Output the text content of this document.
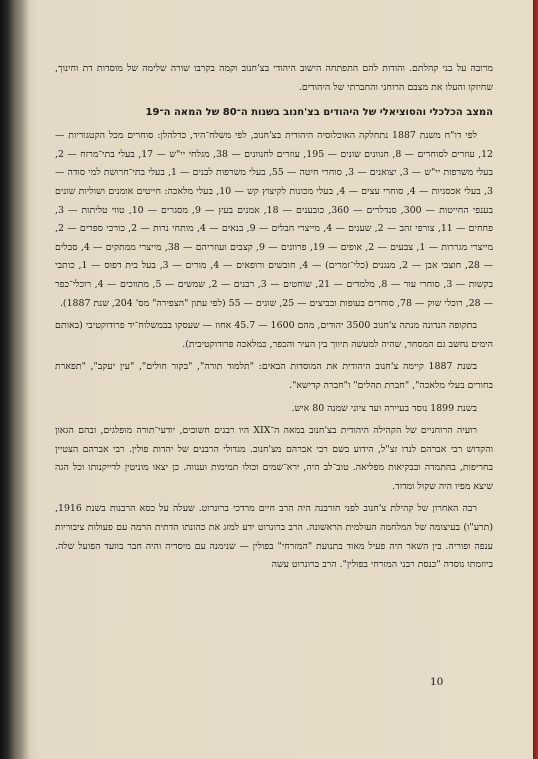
מרובה על בני קהלתם. והודות להם התפתחה הישוב היהודי בצ'חנוב וקמה בקרבו שורה שלימה של מוסדות דת וחינוך, שחיזקו והעלו את מצבם הרוחני והחברתי של היהודים.

המצב הכלכלי והסוציאלי של היהודים בצ'חנוב בשנות ה־80 של המאה ה־19

לפי דו"ח משנת 1887 נתחלקה האוכלוסיה היהודית בצ'חנוב, לפי משלח־היד, כדלהלן: סוחרים מכל הקטגוריות — 12, עוזרים לסוחרים — 8, חנוונים שונים — 195, עוזרים לחנוונים — 38, מגלחי יי"ש — 17, בעלי בתי־מרזח — 2, בעלי משרפות יי"ש — 3, יצואנים — 3, סוחרי חיטה — 55, בעלי משרפות לבנים — 1, בעלי בתי־חרושת למי סודה — 3, בעלי אכסניות — 4, סוחרי עצים — 4, בעלי מכונות לקיצוץ קש — 10, בעלי מלאכה: חייטים אומנים ושוליות שונים בענפי החייטות — 300, סנדלרים — 360, כובענים — 18, אמנים בעץ — 9, מסגרים — 10, טווי טליתות — 3, פחחים — 11, צורפי זהב — 2, שענים — 4, מייצרי חבלים — 9, בנאים — 4, מותחי נרות — 2, כורכי ספרים — 2, מייצרי מגררות — 1, צבעים — 2, אופים — 19, פרוונים — 9, קצבים ועוזריהם — 38, מייצרי ממתקים — 4, סבלים — 28, חוצבי אבן — 2, מנגנים (כלי־זמרים) — 4, חובשים ורופאים — 4, מורים — 3, בעל בית דפוס — 1, כותבי בקשות — 3, סוחרי עור — 8, מלמדים — 21, שוחטים — 3, רבנים — 2, שמשים — 5, מתווכים — 4, רוכלי־כפר — 28, רוכלי שוק — 78, סוחרים בעופות ובביצים — 25, שונים — 55 (לפי עתון "הצפירה" מס' 204, שנת 1887).

בתקופה הנדונה מנתה צ'חנוב 3500 יהודים, מהם 1600 — 45.7 אחוז — שעסקו בבמשלוח־יד פרודוקטיבי (באותם הימים נחשב גם המסחר, שהיה למעשה תיווך בין העיר והכפר, כמלאכה פרודוקטיבית).

בשנת 1887 קיימה צ'חנוב היהודית את המוסדות הבאים: "תלמוד תורה", "בקור חולים", "עין יעקב", "תפארת בחורים בעלי מלאכה", "חברת תהלים" ו"חברה קדישא".

בשנת 1899 נוסד בעיירה ועד ציוני שמנה 80 איש.

רועיה הרוחניים של הקהילה היהודית בצ'חנוב במאה ה־XIX היו רבנים חשובים, יודעי־תורה מופלגים, ובהם הגאון והקדוש רבי אברהם לנדו זצ"ל, הידוע בשם רבי אברהם מצ'חנוב. מגדולי הרבנים של יהדות פולין. רבי אברהם הצטיין בחריפות, בהתמדה ובבקיאות מפליאה. טוב־לב היה, ירא־שמים וכולו תמימות וענווה. כן יצאו מוניטין לדייקנותו וכל הגה שיצא מפיו היה שקול ומדוד.

רבה האחרון של קהילת צ'חנוב לפני חורבנה היה הרב חיים מרדכי ברונרוט. שעלה על כסא הרבנות בשנת 1916, (תרע"ו) בעיצומה של המלחמה העולמית הראשונה. הרב ברונרוט ידע למזג את כהונתו הדתית הרמה עם פעולות ציבוריות ענפה ופוריה. בין השאר היה פעיל מאוד בתנועת "המזרחי" בפולין — שנימנה עם מיסדיה והיה חבר בוועד הפועל שלה. ביוזמתו נוסדה "כנסת רבני המזרחי בפולין". הרב ברונרוט עשה

10
